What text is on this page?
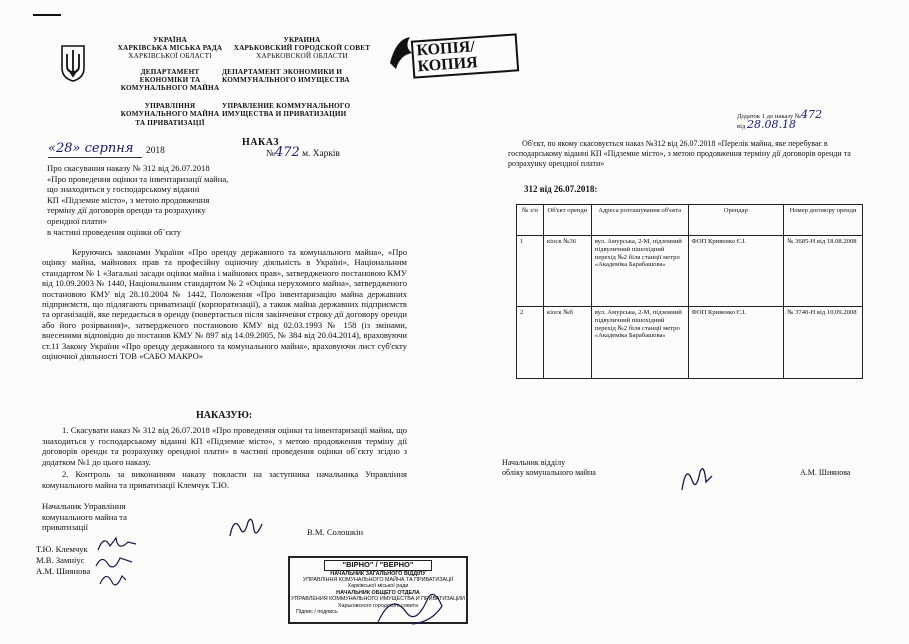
УКРАЇНА
ХАРКІВСЬКА МІСЬКА РАДА
ХАРКІВСЬКОЇ ОБЛАСТІ
ДЕПАРТАМЕНТ
ЕКОНОМІКИ ТА
КОМУНАЛЬНОГО МАЙНА
УПРАВЛІННЯ
КОМУНАЛЬНОГО МАЙНА
ТА ПРИВАТИЗАЦІЇ
УКРАИНА
ХАРЬКОВСКИЙ ГОРОДСКОЙ СОВЕТ
ХАРЬКОВСКОЙ ОБЛАСТИ
ДЕПАРТАМЕНТ ЭКОНОМИКИ И
КОММУНАЛЬНОГО ИМУЩЕСТВА
УПРАВЛЕНИЕ КОММУНАЛЬНОГО
ИМУЩЕСТВА И ПРИВАТИЗАЦИИ
КОПІЯ/КОПИЯ
НАКАЗ
«28» серпня 2018	№472 м. Харків
Про скасування наказу № 312 від 26.07.2018
«Про проведення оцінки та інвентаризації майна,
що знаходиться у господарському віданні
КП «Підземне місто», з метою продовження
терміну дії договорів оренди та розрахунку
орендної плати»
в частині проведення оцінки об`єкту
Керуючись законами України «Про оренду державного та комунального майна», «Про оцінку майна, майнових прав та професійну оціночну діяльність в Україні», Національним стандартом № 1 «Загальні засади оцінки майна і майнових прав», затвердженого постановою КМУ від 10.09.2003 № 1440, Національним стандартом № 2 «Оцінка нерухомого майна», затвердженого постановою КМУ від 28.10.2004 № 1442, Положення «Про інвентаризацію майна державних підприємств, що підлягають приватизації (корпоратизації), а також майна державних підприємств та організацій, яке передається в оренду (повертається після закінчення строку дії договору оренди або його розірвання)», затвердженого постановою КМУ від 02.03.1993 № 158 (із змінами, внесеними відповідно до постанов КМУ № 897 від 14.09.2005, № 384 від 20.04.2014), враховуючи ст.11 Закону України «Про оренду державного та комунального майна», враховуючи лист суб'єкту оціночної діяльності ТОВ «САБО МАКРО»
НАКАЗУЮ:
1. Скасувати наказ № 312 від 26.07.2018 «Про проведення оцінки та інвентаризації майна, що знаходиться у господарському віданні КП «Підземне місто», з метою продовження терміну дії договорів оренди та розрахунку орендної плати» в частині проведення оцінки об`єкту згідно з додатком №1 до цього наказу.
2. Контроль за виконанням наказу покласти на заступника начальника Управління комунального майна та приватизації Клемчук Т.Ю.
Начальник Управління
комунального майна та
приватизації	В.М. Солошкін
Т.Ю. Клемчук
М.В. Замніус
А.М. Шиянова
"ВІРНО" / "ВЕРНО"
НАЧАЛЬНИК ЗАГАЛЬНОГО ВІДДІЛУ
УПРАВЛІННЯ КОМУНАЛЬНОГО МАЙНА ТА ПРИВАТИЗАЦІЇ
Харківської міської ради
НАЧАЛЬНИК ОБЩЕГО ОТДЕЛА
УПРАВЛЕНИЯ КОММУНАЛЬНОГО ИМУЩЕСТВА И ПРИВАТИЗАЦИИ
Харьковского городского совета
Підпис / подпись
Додаток 1 до наказу №472
від 28.08.18
Об'єкт, по якому скасовується наказ №312 від 26.07.2018 «Перелік майна, яке перебуває в господарському віданні КП «Підземне місто», з метою продовження терміну дії договорів оренди та розрахунку орендної плати»
312 від 26.07.2018:
№ з/п	Об'єкт оренди	Адреса розташування об'єкта	Орендар	Номер договору оренди
1	кіоск №36	вул. Амурська, 2-М, підземний підвуличний пішохідний перехід №2 біля станції метро «Академіка Барабашова»	ФОП Кривенко Є.І.	№ 3685-Н від 18.08.2008
2	кіоск №б	вул. Амурська, 2-М, підземний підвуличний пішохідний перехід №2 біля станції метро «Академіка Барабашова»	ФОП Кривенко Є.І.	№ 3740-Н від 10.09.2008
Начальник відділу
обліку комунального майна	А.М. Шиянова
